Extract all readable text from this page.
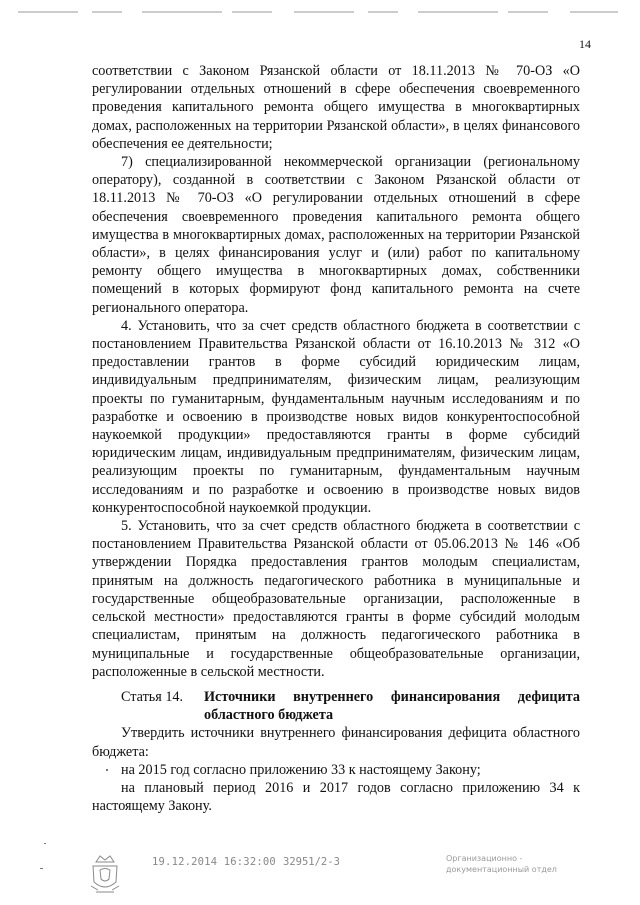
14

соответствии с Законом Рязанской области от 18.11.2013 № 70-ОЗ «О регулировании отдельных отношений в сфере обеспечения своевременного проведения капитального ремонта общего имущества в многоквартирных домах, расположенных на территории Рязанской области», в целях финансового обеспечения ее деятельности;

7) специализированной некоммерческой организации (региональному оператору), созданной в соответствии с Законом Рязанской области от 18.11.2013 № 70-ОЗ «О регулировании отдельных отношений в сфере обеспечения своевременного проведения капитального ремонта общего имущества в многоквартирных домах, расположенных на территории Рязанской области», в целях финансирования услуг и (или) работ по капитальному ремонту общего имущества в многоквартирных домах, собственники помещений в которых формируют фонд капитального ремонта на счете регионального оператора.

4. Установить, что за счет средств областного бюджета в соответствии с постановлением Правительства Рязанской области от 16.10.2013 № 312 «О предоставлении грантов в форме субсидий юридическим лицам, индивидуальным предпринимателям, физическим лицам, реализующим проекты по гуманитарным, фундаментальным научным исследованиям и по разработке и освоению в производстве новых видов конкурентоспособной наукоемкой продукции» предоставляются гранты в форме субсидий юридическим лицам, индивидуальным предпринимателям, физическим лицам, реализующим проекты по гуманитарным, фундаментальным научным исследованиям и по разработке и освоению в производстве новых видов конкурентоспособной наукоемкой продукции.

5. Установить, что за счет средств областного бюджета в соответствии с постановлением Правительства Рязанской области от 05.06.2013 № 146 «Об утверждении Порядка предоставления грантов молодым специалистам, принятым на должность педагогического работника в муниципальные и государственные общеобразовательные организации, расположенные в сельской местности» предоставляются гранты в форме субсидий молодым специалистам, принятым на должность педагогического работника в муниципальные и государственные общеобразовательные организации, расположенные в сельской местности.

Статья 14.	Источники внутреннего финансирования дефицита областного бюджета

Утвердить источники внутреннего финансирования дефицита областного бюджета:

на 2015 год согласно приложению 33 к настоящему Закону;

на плановый период 2016 и 2017 годов согласно приложению 34 к настоящему Закону.

19.12.2014 16:32:00 32951/2-3	Организационно -
документационный отдел
